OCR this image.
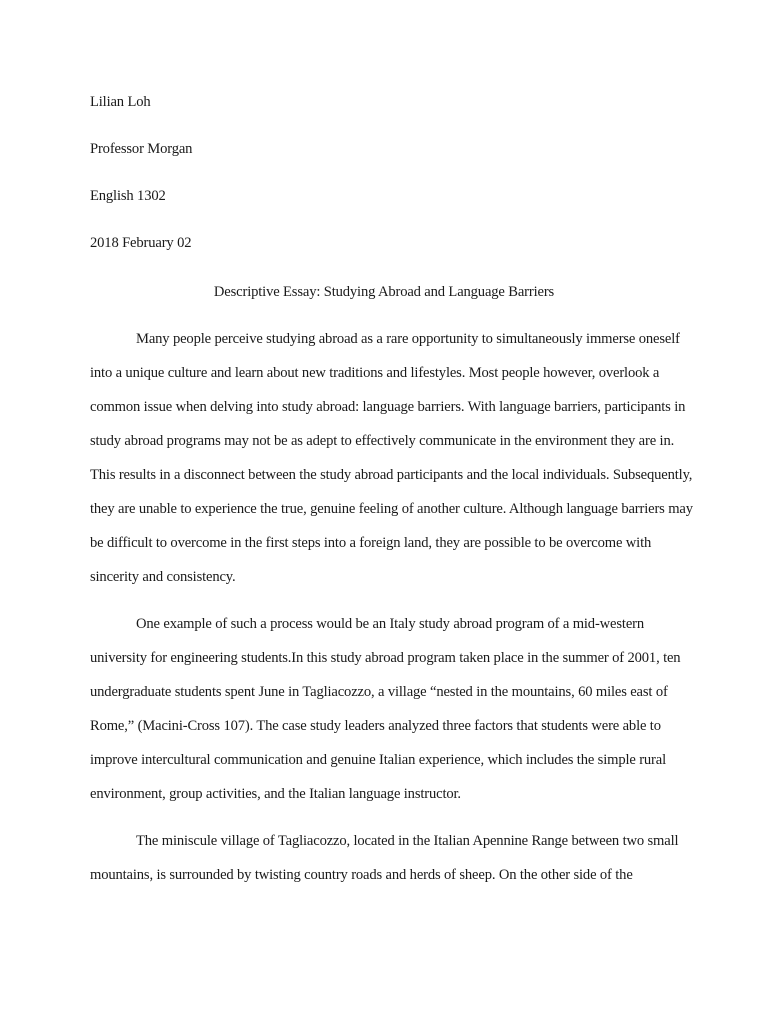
Lilian Loh
Professor Morgan
English 1302
2018 February 02
Descriptive Essay: Studying Abroad and Language Barriers
Many people perceive studying abroad as a rare opportunity to simultaneously immerse oneself
into a unique culture and learn about new traditions and lifestyles. Most people however, overlook a
common issue when delving into study abroad: language barriers. With language barriers, participants in
study abroad programs may not be as adept to effectively communicate in the environment they are in.
This results in a disconnect between the study abroad participants and the local individuals. Subsequently,
they are unable to experience the true, genuine feeling of another culture. Although language barriers may
be difficult to overcome in the first steps into a foreign land, they are possible to be overcome with
sincerity and consistency.
One example of such a process would be an Italy study abroad program of a mid-western
university for engineering students.In this study abroad program taken place in the summer of 2001, ten
undergraduate students spent June in Tagliacozzo, a village “nested in the mountains, 60 miles east of
Rome,” (Macini-Cross 107). The case study leaders analyzed three factors that students were able to
improve intercultural communication and genuine Italian experience, which includes the simple rural
environment, group activities, and the Italian language instructor.
The miniscule village of Tagliacozzo, located in the Italian Apennine Range between two small
mountains, is surrounded by twisting country roads and herds of sheep. On the other side of the
